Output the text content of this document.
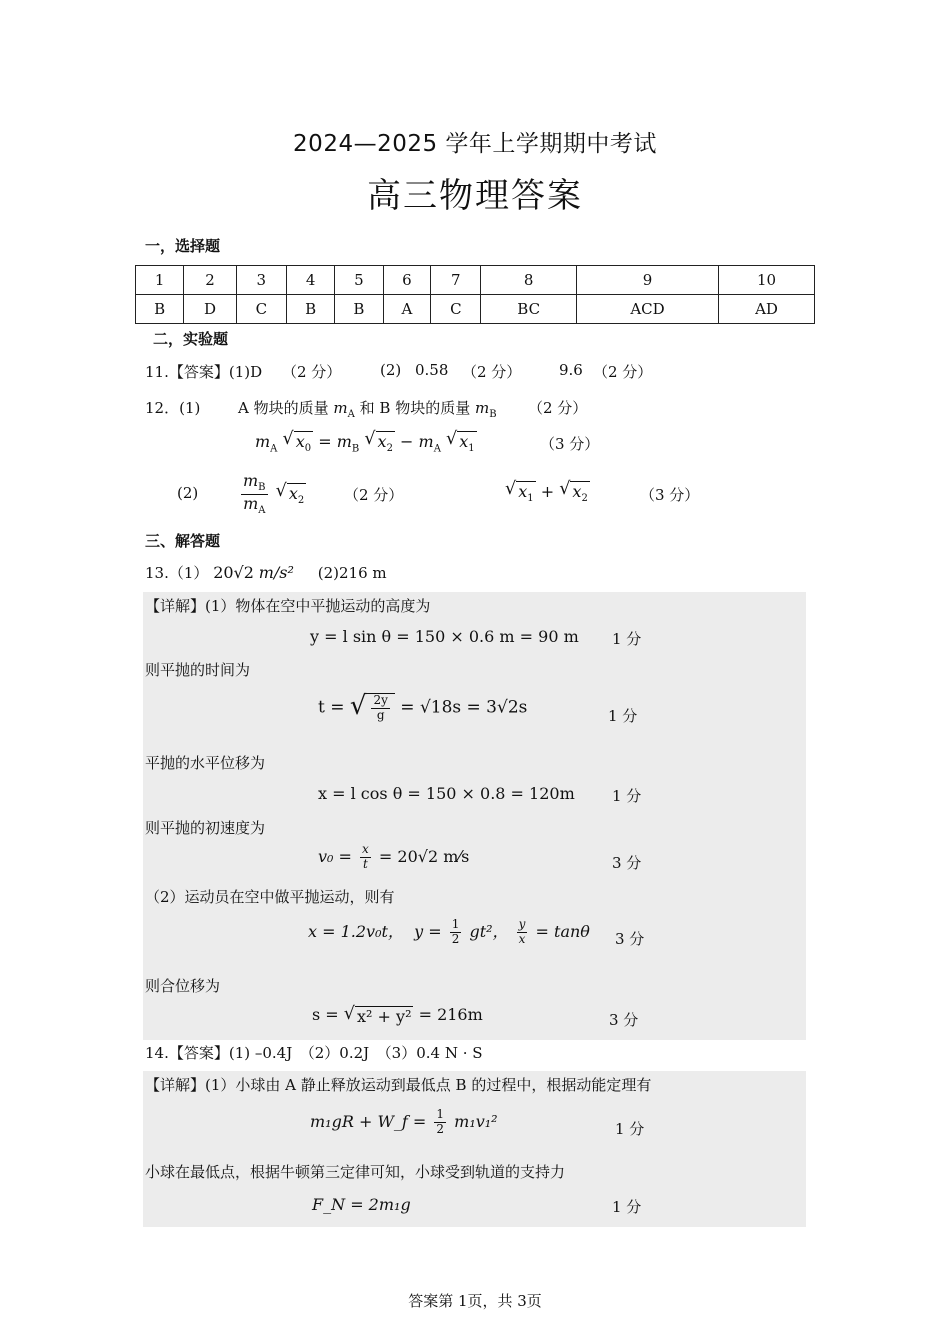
2024—2025 学年上学期期中考试
高三物理答案
一，选择题
1	2	3	4	5	6	7	8	9	10
B	D	C	B	B	A	C	BC	ACD	AD
二，实验题
11.【答案】(1)D （2 分）	(2) 0.58 （2 分）	9.6 （2 分）
12．(1)	A 物块的质量 $m_A$ 和 B 物块的质量 $m_B$ （2 分）
$m_A$ √ $x_0 = m_B$ √ $x_2 - m_A$ √ $x_1$	（3 分）
(2)	$\frac{m_B}{m_A}$
√ $x_2$	（2 分）	√ $x_1$ + √ $x_2$	（3 分）
三、解答题
13.（1） 20√2 m/s² (2)216 m
【详解】(1）物体在空中平抛运动的高度为
y = l sin θ = 150 × 0.6 m = 90 m 1 分
则平抛的时间为
t = √ $\frac{2y}{g} = √18s = 3√2s$	1 分
平抛的水平位移为
x = l cos θ = 150 × 0.8 = 120m 1 分
则平抛的初速度为
$v_0 = \frac{x}{t} = 20√2$ m⁄s	3 分
（2）运动员在空中做平抛运动，则有
x = 1.2v₀t， $y = \frac{1}{2} gt^2$， $\frac{y}{x} = \tan\theta$ 3 分
则合位移为
s = √ x² + y² = 216m	3 分
14.【答案】(1) –0.4J　（2）0.2J　（3）0.4 N · S
【详解】(1）小球由 A 静止释放运动到最低点 B 的过程中，根据动能定理有
m₁gR + W_f = $\frac{1}{2} m_1v_1^2$	1 分
小球在最低点，根据牛顿第三定律可知，小球受到轨道的支持力
F_N = 2m₁g	1 分
答案第 1页，共 3页
